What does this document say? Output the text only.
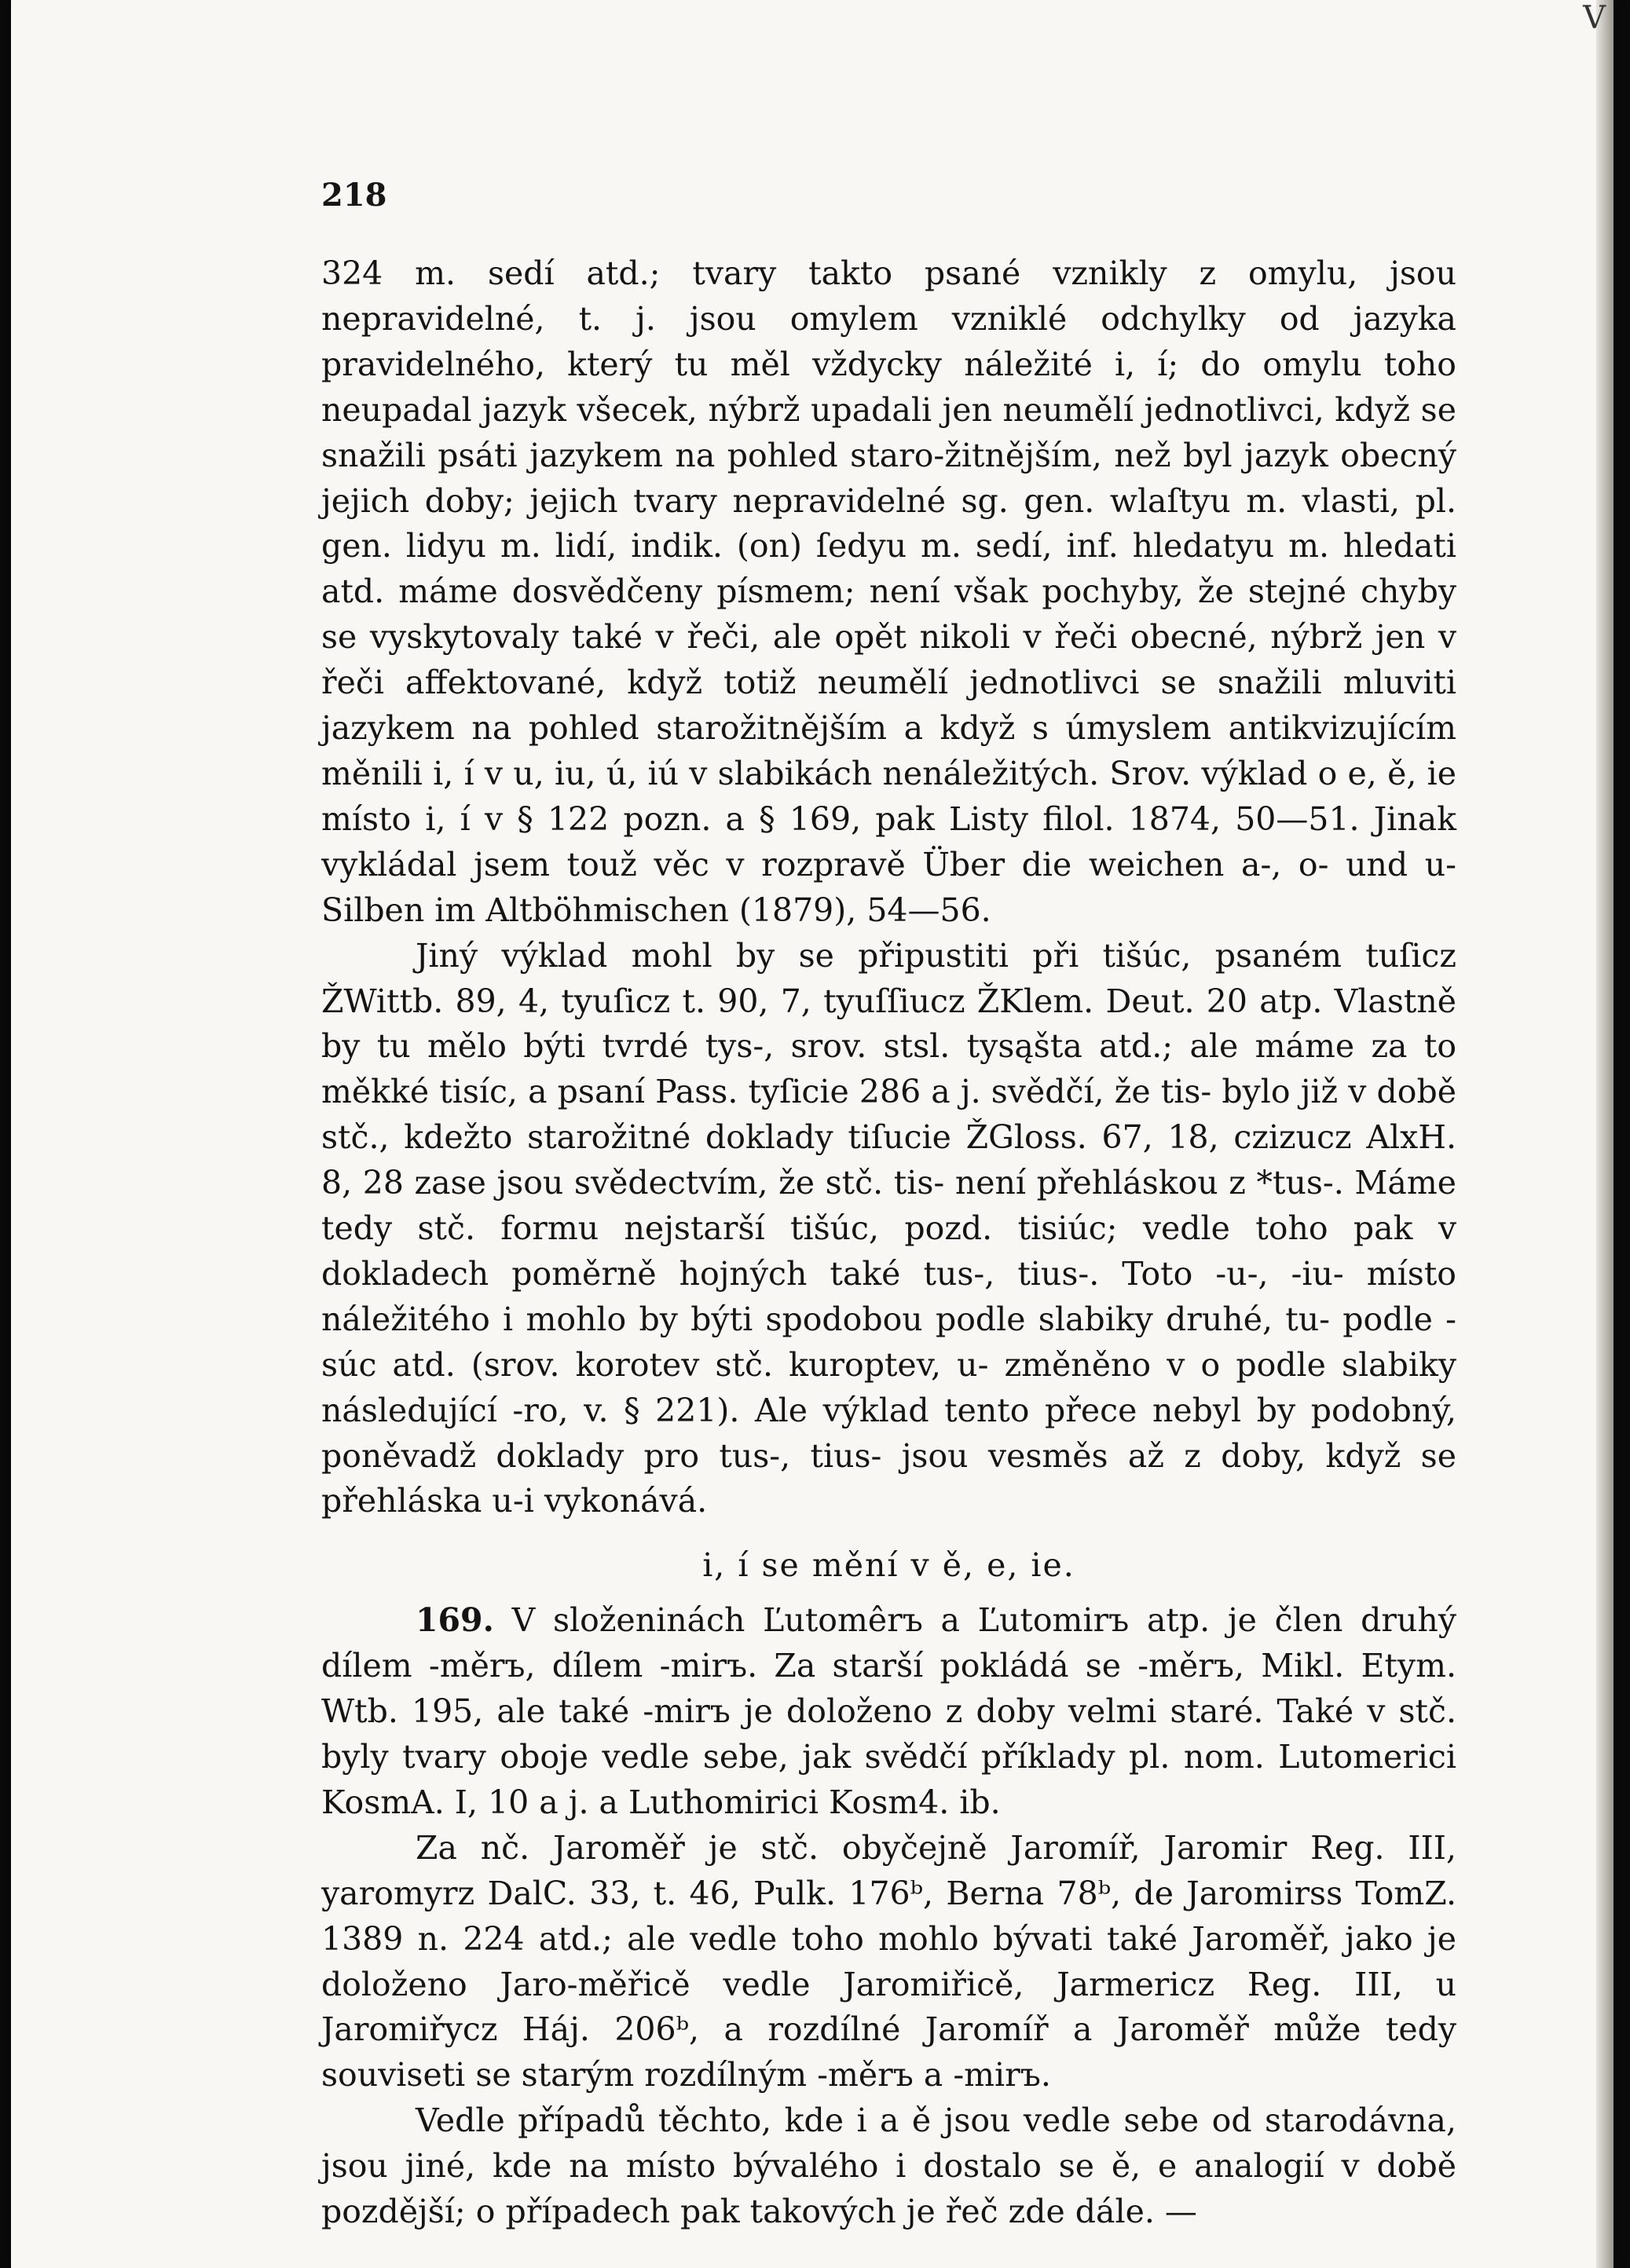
V
218

324 m. sedí atd.; tvary takto psané vznikly z omylu, jsou nepravidelné, t. j. jsou omylem vzniklé odchylky od jazyka pravidelného, který tu měl vždycky náležité i, í; do omylu toho neupadal jazyk všecek, nýbrž upadali jen neumělí jednotlivci, když se snažili psáti jazykem na pohled staro-žitnějším, než byl jazyk obecný jejich doby; jejich tvary nepravidelné sg. gen. wlaſtyu m. vlasti, pl. gen. lidyu m. lidí, indik. (on) ſedyu m. sedí, inf. hledatyu m. hledati atd. máme dosvědčeny písmem; není však pochyby, že stejné chyby se vyskytovaly také v řeči, ale opět nikoli v řeči obecné, nýbrž jen v řeči affektované, když totiž neumělí jednotlivci se snažili mluviti jazykem na pohled starožitnějším a když s úmyslem antikvizujícím měnili i, í v u, iu, ú, iú v slabikách nenáležitých. Srov. výklad o e, ě, ie místo i, í v § 122 pozn. a § 169, pak Listy filol. 1874, 50—51. Jinak vykládal jsem touž věc v rozpravě Über die weichen a-, o- und u-Silben im Altböhmischen (1879), 54—56.

Jiný výklad mohl by se připustiti při tišúc, psaném tuſicz ŽWittb. 89, 4, tyuſicz t. 90, 7, tyuſſiucz ŽKlem. Deut. 20 atp. Vlastně by tu mělo býti tvrdé tys-, srov. stsl. tysąšta atd.; ale máme za to měkké tisíc, a psaní Pass. tyſicie 286 a j. svědčí, že tis- bylo již v době stč., kdežto starožitné doklady tiſucie ŽGloss. 67, 18, czizucz AlxH. 8, 28 zase jsou svědectvím, že stč. tis- není přehláskou z *tus-. Máme tedy stč. formu nejstarší tišúc, pozd. tisiúc; vedle toho pak v dokladech poměrně hojných také tus-, tius-. Toto -u-, -iu- místo náležitého i mohlo by býti spodobou podle slabiky druhé, tu- podle -súc atd. (srov. korotev stč. kuroptev, u- změněno v o podle slabiky následující -ro, v. § 221). Ale výklad tento přece nebyl by podobný, poněvadž doklady pro tus-, tius- jsou vesměs až z doby, když se přehláska u-i vykonává.

i, í se mění v ě, e, ie.

169. V složeninách Ľutomêrъ a Ľutomirъ atp. je člen druhý dílem -měrъ, dílem -mirъ. Za starší pokládá se -měrъ, Mikl. Etym. Wtb. 195, ale také -mirъ je doloženo z doby velmi staré. Také v stč. byly tvary oboje vedle sebe, jak svědčí příklady pl. nom. Lutomerici KosmA. I, 10 a j. a Luthomirici Kosm4. ib.

Za nč. Jaroměř je stč. obyčejně Jaromíř, Jaromir Reg. III, yaromyrz DalC. 33, t. 46, Pulk. 176ᵇ, Berna 78ᵇ, de Jaromirss TomZ. 1389 n. 224 atd.; ale vedle toho mohlo bývati také Jaroměř, jako je doloženo Jaro-měřicě vedle Jaromiřicě, Jarmericz Reg. III, u Jaromiřycz Háj. 206ᵇ, a rozdílné Jaromíř a Jaroměř může tedy souviseti se starým rozdílným -měrъ a -mirъ.

Vedle případů těchto, kde i a ě jsou vedle sebe od starodávna, jsou jiné, kde na místo bývalého i dostalo se ě, e analogií v době pozdější; o případech pak takových je řeč zde dále. —
